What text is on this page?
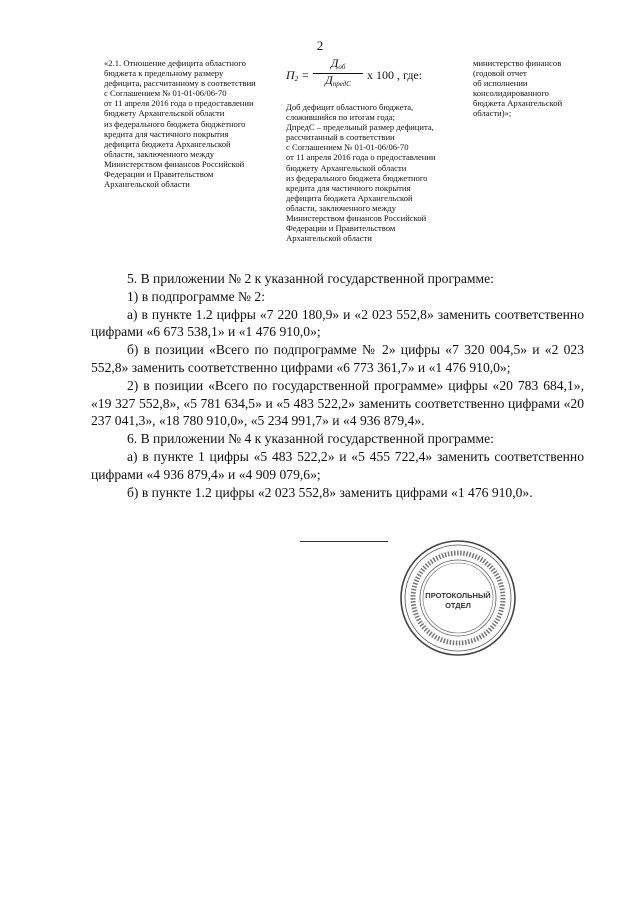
2
«2.1. Отношение дефицита областного
бюджета к предельному размеру
дефицита, рассчитанному в соответствии
с Соглашением № 01-01-06/06-70
от 11 апреля 2016 года о предоставлении
бюджету Архангельской области
из федерального бюджета бюджетного
кредита для частичного покрытия
дефицита бюджета Архангельской
области, заключенного между
Министерством финансов Российской
Федерации и Правительством
Архангельской области
$П_2$ =
$Д_{об}$
$Д_{предС}$
x 100 , где:
Доб дефицит областного бюджета,
сложившийся по итогам года;
ДпредС – предельный размер дефицита,
рассчитанный в соответствии
с Соглашением № 01-01-06/06-70
от 11 апреля 2016 года о предоставлении
бюджету Архангельской области
из федерального бюджета бюджетного
кредита для частичного покрытия
дефицита бюджета Архангельской
области, заключенного между
Министерством финансов Российской
Федерации и Правительством
Архангельской области
министерство финансов
(годовой отчет
об исполнении
консолидированного
бюджета Архангельской
области)»;

5. В приложении № 2 к указанной государственной программе:

1) в подпрограмме № 2:

а) в пункте 1.2 цифры «7 220 180,9» и «2 023 552,8» заменить соответственно цифрами «6 673 538,1» и «1 476 910,0»;

б) в позиции «Всего по подпрограмме № 2» цифры «7 320 004,5» и «2 023 552,8» заменить соответственно цифрами «6 773 361,7» и «1 476 910,0»;

2) в позиции «Всего по государственной программе» цифры «20 783 684,1», «19 327 552,8», «5 781 634,5» и «5 483 522,2» заменить соответственно цифрами «20 237 041,3», «18 780 910,0», «5 234 991,7» и «4 936 879,4».

6. В приложении № 4 к указанной государственной программе:

а) в пункте 1 цифры «5 483 522,2» и «5 455 722,4» заменить соответственно цифрами «4 936 879,4» и «4 909 079,6»;

б) в пункте 1.2 цифры «2 023 552,8» заменить цифрами «1 476 910,0».

ПРОТОКОЛЬНЫЙ
ОТДЕЛ
